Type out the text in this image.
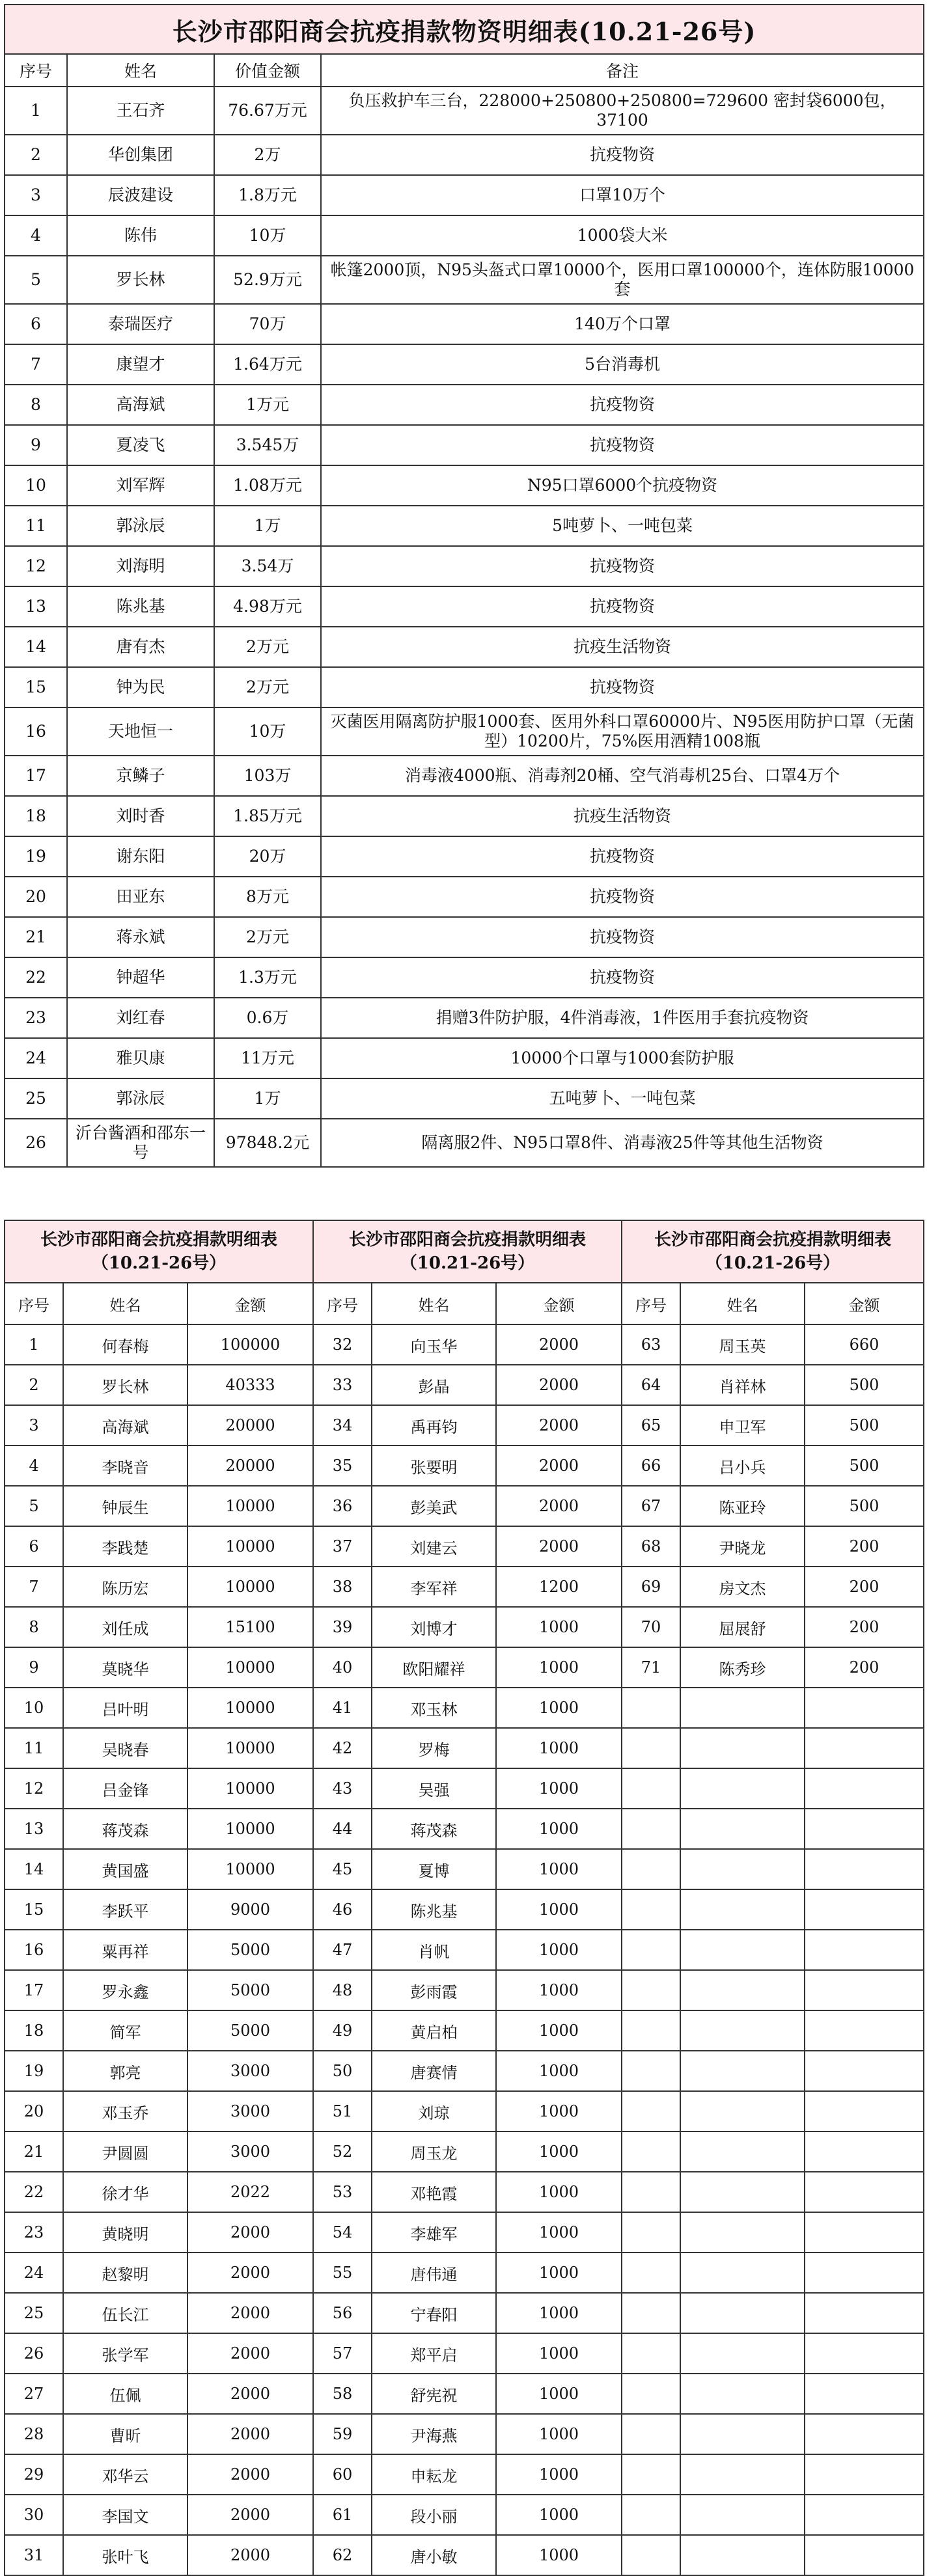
长沙市邵阳商会抗疫捐款物资明细表(10.21-26号)			
序号	姓名	价值金额	备注
1	王石齐	76.67万元	负压救护车三台，228000+250800+250800=729600 密封袋6000包，37100
2	华创集团	2万	抗疫物资
3	辰波建设	1.8万元	口罩10万个
4	陈伟	10万	1000袋大米
5	罗长林	52.9万元	帐篷2000顶，N95头盔式口罩10000个，医用口罩100000个，连体防服10000套
6	泰瑞医疗	70万	140万个口罩
7	康望才	1.64万元	5台消毒机
8	高海斌	1万元	抗疫物资
9	夏凌飞	3.545万	抗疫物资
10	刘军辉	1.08万元	N95口罩6000个抗疫物资
11	郭泳辰	1万	5吨萝卜、一吨包菜
12	刘海明	3.54万	抗疫物资
13	陈兆基	4.98万元	抗疫物资
14	唐有杰	2万元	抗疫生活物资
15	钟为民	2万元	抗疫物资
16	天地恒一	10万	灭菌医用隔离防护服1000套、医用外科口罩60000片、N95医用防护口罩（无菌型）10200片，75%医用酒精1008瓶
17	京鳞子	103万	消毒液4000瓶、消毒剂20桶、空气消毒机25台、口罩4万个
18	刘时香	1.85万元	抗疫生活物资
19	谢东阳	20万	抗疫物资
20	田亚东	8万元	抗疫物资
21	蒋永斌	2万元	抗疫物资
22	钟超华	1.3万元	抗疫物资
23	刘红春	0.6万	捐赠3件防护服，4件消毒液，1件医用手套抗疫物资
24	雅贝康	11万元	10000个口罩与1000套防护服
25	郭泳辰	1万	五吨萝卜、一吨包菜
26	沂台酱酒和邵东一号	97848.2元	隔离服2件、N95口罩8件、消毒液25件等其他生活物资
长沙市邵阳商会抗疫捐款明细表（10.21-26号）			长沙市邵阳商会抗疫捐款明细表（10.21-26号）			长沙市邵阳商会抗疫捐款明细表（10.21-26号）		
序号	姓名	金额	序号	姓名	金额	序号	姓名	金额
1	何春梅	100000	32	向玉华	2000	63	周玉英	660
2	罗长林	40333	33	彭晶	2000	64	肖祥林	500
3	高海斌	20000	34	禹再钧	2000	65	申卫军	500
4	李晓音	20000	35	张要明	2000	66	吕小兵	500
5	钟辰生	10000	36	彭美武	2000	67	陈亚玲	500
6	李践楚	10000	37	刘建云	2000	68	尹晓龙	200
7	陈历宏	10000	38	李军祥	1200	69	房文杰	200
8	刘任成	15100	39	刘博才	1000	70	屈展舒	200
9	莫晓华	10000	40	欧阳耀祥	1000	71	陈秀珍	200
10	吕叶明	10000	41	邓玉林	1000			
11	吴晓春	10000	42	罗梅	1000			
12	吕金锋	10000	43	吴强	1000			
13	蒋茂森	10000	44	蒋茂森	1000			
14	黄国盛	10000	45	夏博	1000			
15	李跃平	9000	46	陈兆基	1000			
16	粟再祥	5000	47	肖帆	1000			
17	罗永鑫	5000	48	彭雨霞	1000			
18	简军	5000	49	黄启柏	1000			
19	郭亮	3000	50	唐赛情	1000			
20	邓玉乔	3000	51	刘琼	1000			
21	尹圆圆	3000	52	周玉龙	1000			
22	徐才华	2022	53	邓艳霞	1000			
23	黄晓明	2000	54	李雄军	1000			
24	赵黎明	2000	55	唐伟通	1000			
25	伍长江	2000	56	宁春阳	1000			
26	张学军	2000	57	郑平启	1000			
27	伍佩	2000	58	舒宪祝	1000			
28	曹昕	2000	59	尹海燕	1000			
29	邓华云	2000	60	申耘龙	1000			
30	李国文	2000	61	段小丽	1000			
31	张叶飞	2000	62	唐小敏	1000			
